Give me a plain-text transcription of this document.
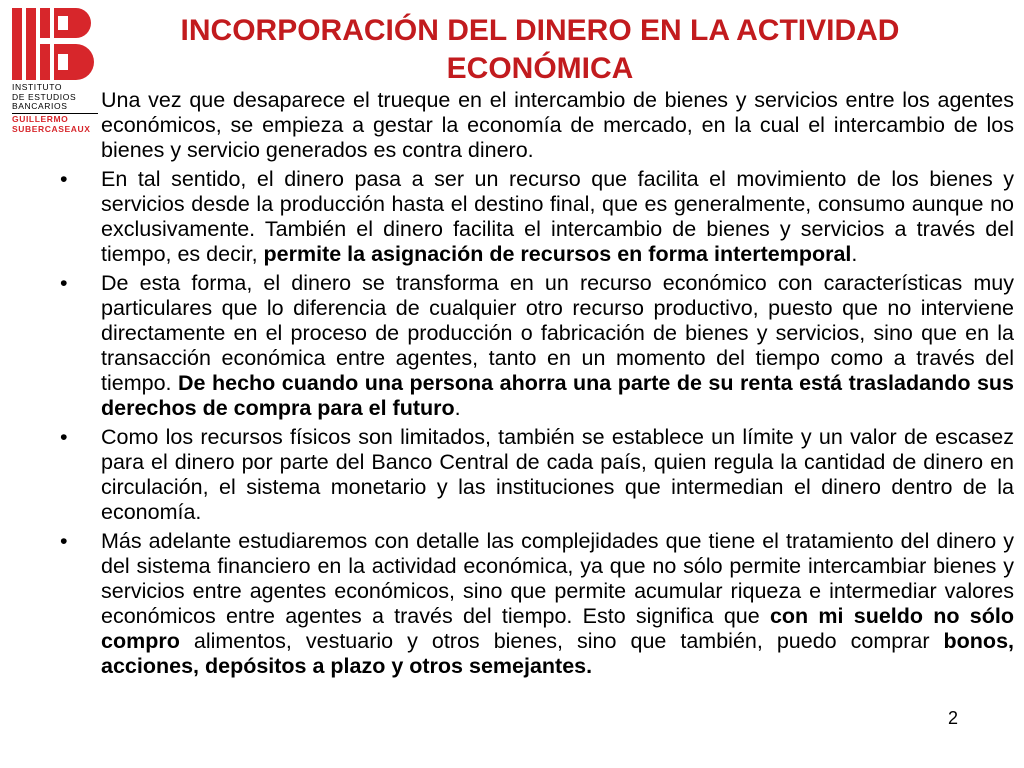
INSTITUTO
DE ESTUDIOS
BANCARIOS
GUILLERMO
SUBERCASEAUX
INCORPORACIÓN DEL DINERO EN LA ACTIVIDAD ECONÓMICA
Una vez que desaparece el trueque en el intercambio de bienes y servicios entre los agentes económicos, se empieza a gestar la economía de mercado, en la cual el intercambio de los bienes y servicio generados es contra dinero.
• En tal sentido, el dinero pasa a ser un recurso que facilita el movimiento de los bienes y servicios desde la producción hasta el destino final, que es generalmente, consumo aunque no exclusivamente. También el dinero facilita el intercambio de bienes y servicios a través del tiempo, es decir, permite la asignación de recursos en forma intertemporal.
• De esta forma, el dinero se transforma en un recurso económico con características muy particulares que lo diferencia de cualquier otro recurso productivo, puesto que no interviene directamente en el proceso de producción o fabricación de bienes y servicios, sino que en la transacción económica entre agentes, tanto en un momento del tiempo como a través del tiempo. De hecho cuando una persona ahorra una parte de su renta está trasladando sus derechos de compra para el futuro.
• Como los recursos físicos son limitados, también se establece un límite y un valor de escasez para el dinero por parte del Banco Central de cada país, quien regula la cantidad de dinero en circulación, el sistema monetario y las instituciones que intermedian el dinero dentro de la economía.
• Más adelante estudiaremos con detalle las complejidades que tiene el tratamiento del dinero y del sistema financiero en la actividad económica, ya que no sólo permite intercambiar bienes y servicios entre agentes económicos, sino que permite acumular riqueza e intermediar valores económicos entre agentes a través del tiempo. Esto significa que con mi sueldo no sólo compro alimentos, vestuario y otros bienes, sino que también, puedo comprar bonos, acciones, depósitos a plazo y otros semejantes.
2
